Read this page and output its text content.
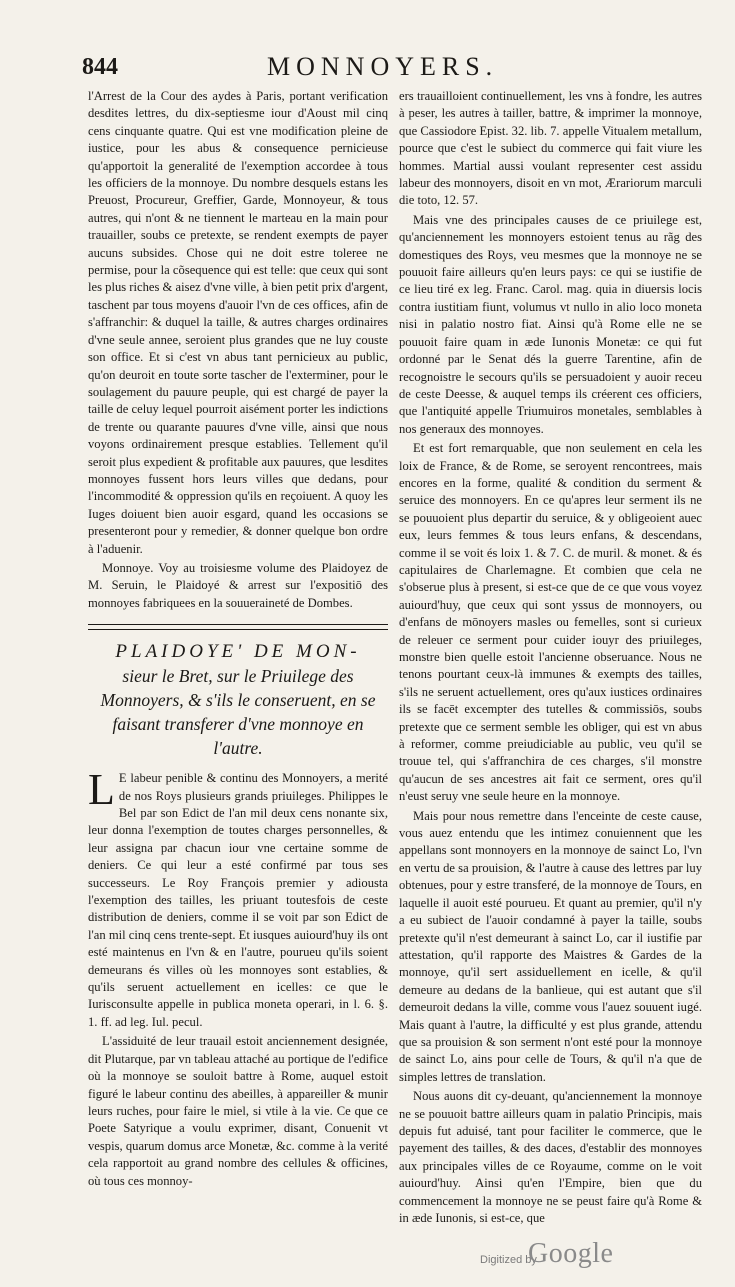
844	MONNOYERS.

l'Arrest de la Cour des aydes à Paris, portant verification desdites lettres, du dix-septiesme iour d'Aoust mil cinq cens cinquante quatre. Qui est vne modification pleine de iustice, pour les abus & consequence pernicieuse qu'apportoit la generalité de l'exemption accordee à tous les officiers de la monnoye. Du nombre desquels estans les Preuost, Procureur, Greffier, Garde, Monnoyeur, & tous autres, qui n'ont & ne tiennent le marteau en la main pour trauailler, soubs ce pretexte, se rendent exempts de payer aucuns subsides. Chose qui ne doit estre toleree ne permise, pour la cõsequence qui est telle: que ceux qui sont les plus riches & aisez d'vne ville, à bien petit prix d'argent, taschent par tous moyens d'auoir l'vn de ces offices, afin de s'affranchir: & duquel la taille, & autres charges ordinaires d'vne seule annee, seroient plus grandes que ne luy couste son office. Et si c'est vn abus tant pernicieux au public, qu'on deuroit en toute sorte tascher de l'exterminer, pour le soulagement du pauure peuple, qui est chargé de payer la taille de celuy lequel pourroit aisément porter les indictions de trente ou quarante pauures d'vne ville, ainsi que nous voyons ordinairement presque establies. Tellement qu'il seroit plus expedient & profitable aux pauures, que lesdites monnoyes fussent hors leurs villes que dedans, pour l'incommodité & oppression qu'ils en reçoiuent. A quoy les Iuges doiuent bien auoir esgard, quand les occasions se presenteront pour y remedier, & donner quelque bon ordre à l'aduenir.

Monnoye. Voy au troisiesme volume des Plaidoyez de M. Seruin, le Plaidoyé & arrest sur l'expositiō des monnoyes fabriquees en la souueraineté de Dombes.

PLAIDOYE' DE MON-
sieur le Bret, sur le Priuilege des Monnoyers, & s'ils le conseruent, en se faisant transferer d'vne monnoye en l'autre.

L E labeur penible & continu des Monnoyers, a merité de nos Roys plusieurs grands priuileges. Philippes le Bel par son Edict de l'an mil deux cens nonante six, leur donna l'exemption de toutes charges personnelles, & leur assigna par chacun iour vne certaine somme de deniers. Ce qui leur a esté confirmé par tous ses successeurs. Le Roy François premier y adiousta l'exemption des tailles, les priuant toutesfois de ceste distribution de deniers, comme il se voit par son Edict de l'an mil cinq cens trente-sept. Et iusques auiourd'huy ils ont esté maintenus en l'vn & en l'autre, pourueu qu'ils soient demeurans és villes où les monnoyes sont establies, & qu'ils seruent actuellement en icelles: ce que le Iurisconsulte appelle in publica moneta operari, in l. 6. §. 1. ff. ad leg. Iul. pecul.

L'assiduité de leur trauail estoit anciennement designée, dit Plutarque, par vn tableau attaché au portique de l'edifice où la monnoye se souloit battre à Rome, auquel estoit figuré le labeur continu des abeilles, à appareiller & munir leurs ruches, pour faire le miel, si vtile à la vie. Ce que ce Poete Satyrique a voulu exprimer, disant, Conuenit vt vespis, quarum domus arce Monetæ, &c. comme à la verité cela rapportoit au grand nombre des cellules & officines, où tous ces monnoy-

ers trauailloient continuellement, les vns à fondre, les autres à peser, les autres à tailler, battre, & imprimer la monnoye, que Cassiodore Epist. 32. lib. 7. appelle Vitualem metallum, pource que c'est le subiect du commerce qui fait viure les hommes. Martial aussi voulant representer cest assidu labeur des monnoyers, disoit en vn mot, Ærariorum marculi die toto, 12. 57.

Mais vne des principales causes de ce priuilege est, qu'anciennement les monnoyers estoient tenus au rãg des domestiques des Roys, veu mesmes que la monnoye ne se pouuoit faire ailleurs qu'en leurs pays: ce qui se iustifie de ce lieu tiré ex leg. Franc. Carol. mag. quia in diuersis locis contra iustitiam fiunt, volumus vt nullo in alio loco moneta nisi in palatio nostro fiat. Ainsi qu'à Rome elle ne se pouuoit faire quam in æde Iunonis Monetæ: ce qui fut ordonné par le Senat dés la guerre Tarentine, afin de recognoistre le secours qu'ils se persuadoient y auoir receu de ceste Deesse, & auquel temps ils créerent ces officiers, que l'antiquité appelle Triumuiros monetales, semblables à nos generaux des monnoyes.

Et est fort remarquable, que non seulement en cela les loix de France, & de Rome, se seroyent rencontrees, mais encores en la forme, qualité & condition du serment & seruice des monnoyers. En ce qu'apres leur serment ils ne se pouuoient plus departir du seruice, & y obligeoient auec eux, leurs femmes & tous leurs enfans, & descendans, comme il se voit és loix 1. & 7. C. de muril. & monet. & és capitulaires de Charlemagne. Et combien que cela ne s'obserue plus à present, si est-ce que de ce que vous voyez auiourd'huy, que ceux qui sont yssus de monnoyers, ou d'enfans de mōnoyers masles ou femelles, sont si curieux de releuer ce serment pour cuider iouyr des priuileges, monstre bien quelle estoit l'ancienne obseruance. Nous ne tenons pourtant ceux-là immunes & exempts des tailles, s'ils ne seruent actuellement, ores qu'aux iustices ordinaires ils se facēt excempter des tutelles & commissiōs, soubs pretexte que ce serment semble les obliger, qui est vn abus à reformer, comme preiudiciable au public, veu qu'il se trouue tel, qui s'affranchira de ces charges, s'il monstre qu'aucun de ses ancestres ait fait ce serment, ores qu'il n'eust seruy vne seule heure en la monnoye.

Mais pour nous remettre dans l'enceinte de ceste cause, vous auez entendu que les intimez conuiennent que les appellans sont monnoyers en la monnoye de sainct Lo, l'vn en vertu de sa prouision, & l'autre à cause des lettres par luy obtenues, pour y estre transferé, de la monnoye de Tours, en laquelle il auoit esté pourueu. Et quant au premier, qu'il n'y a eu subiect de l'auoir condamné à payer la taille, soubs pretexte qu'il n'est demeurant à sainct Lo, car il iustifie par attestation, qu'il rapporte des Maistres & Gardes de la monnoye, qu'il sert assiduellement en icelle, & qu'il demeure au dedans de la banlieue, qui est autant que s'il demeuroit dedans la ville, comme vous l'auez souuent iugé. Mais quant à l'autre, la difficulté y est plus grande, attendu que sa prouision & son serment n'ont esté pour la monnoye de sainct Lo, ains pour celle de Tours, & qu'il n'a que de simples lettres de translation.

Nous auons dit cy-deuant, qu'anciennement la monnoye ne se pouuoit battre ailleurs quam in palatio Principis, mais depuis fut aduisé, tant pour faciliter le commerce, que le payement des tailles, & des daces, d'establir des monnoyes aux principales villes de ce Royaume, comme on le voit auiourd'huy. Ainsi qu'en l'Empire, bien que du commencement la monnoye ne se peust faire qu'à Rome & in æde Iunonis, si est-ce, que

Digitized by
Google
